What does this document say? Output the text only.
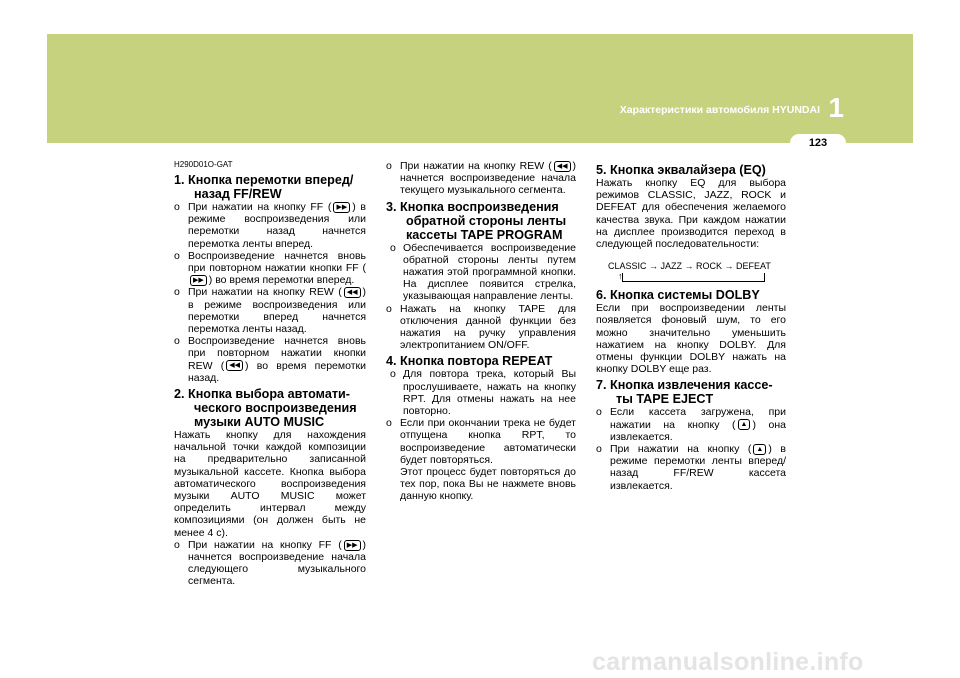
Характеристики автомобиля HYUNDAI 1
123

H290D01O-GAT

1. Кнопка перемотки вперед/
назад FF/REW

o При нажатии на кнопку FF ( ▶▶ ) в режиме воспроизведения или перемотки назад начнется перемотка ленты вперед.
o Воспроизведение начнется вновь при повторном нажатии кнопки FF (▶▶ ) во время перемотки вперед.
o При нажатии на кнопку REW ( ◀◀ ) в режиме воспроизведения или перемотки вперед начнется перемотка ленты назад.
o Воспроизведение начнется вновь при повторном нажатии кнопки REW ( ◀◀ ) во время перемотки назад.

2. Кнопка выбора автомати-
ческого воспроизведения
музыки AUTO MUSIC

Нажать кнопку для нахождения начальной точки каждой композиции на предварительно записанной музыкальной кассете. Кнопка выбора автоматического воспроизведения музыки AUTO MUSIC может определить интервал между композициями (он должен быть не менее 4 с).

o При нажатии на кнопку FF ( ▶▶ ) начнется воспроизведение начала следующего музыкального сегмента.
o При нажатии на кнопку REW ( ◀◀ ) начнется воспроизведение начала текущего музыкального сегмента.

3. Кнопка воспроизведения
обратной стороны ленты
кассеты TAPE PROGRAM

o Обеспечивается воспроизведение обратной стороны ленты путем нажатия этой программной кнопки. На дисплее появится стрелка, указывающая направление ленты.
o Нажать на кнопку TAPE для отключения данной функции без нажатия на ручку управления электропитанием ON/OFF.

4. Кнопка повтора REPEAT

o Для повтора трека, который Вы прослушиваете, нажать на кнопку RPT. Для отмены нажать на нее повторно.
o Если при окончании трека не будет отпущена кнопка RPT, то воспроизведение автоматически будет повторяться.

Этот процесс будет повторяться до тех пор, пока Вы не нажмете вновь данную кнопку.

5. Кнопка эквалайзера (EQ)

Нажать кнопку EQ для выбора режимов CLASSIC, JAZZ, ROCK и DEFEAT для обеспечения желаемого качества звука. При каждом нажатии на дисплее производится переход в следующей последовательности:

CLASSIC → JAZZ → ROCK → DEFEAT
↑

6. Кнопка системы DOLBY

Если при воспроизведении ленты появляется фоновый шум, то его можно значительно уменьшить нажатием на кнопку DOLBY. Для отмены функции DOLBY нажать на кнопку DOLBY еще раз.

7. Кнопка извлечения кассе-
ты TAPE EJECT

o Если кассета загружена, при нажатии на кнопку ( ▲ ) она извлекается.
o При нажатии на кнопку ( ▲ ) в режиме перемотки ленты вперед/назад FF/REW кассета извлекается.
carmanualsonline.info
